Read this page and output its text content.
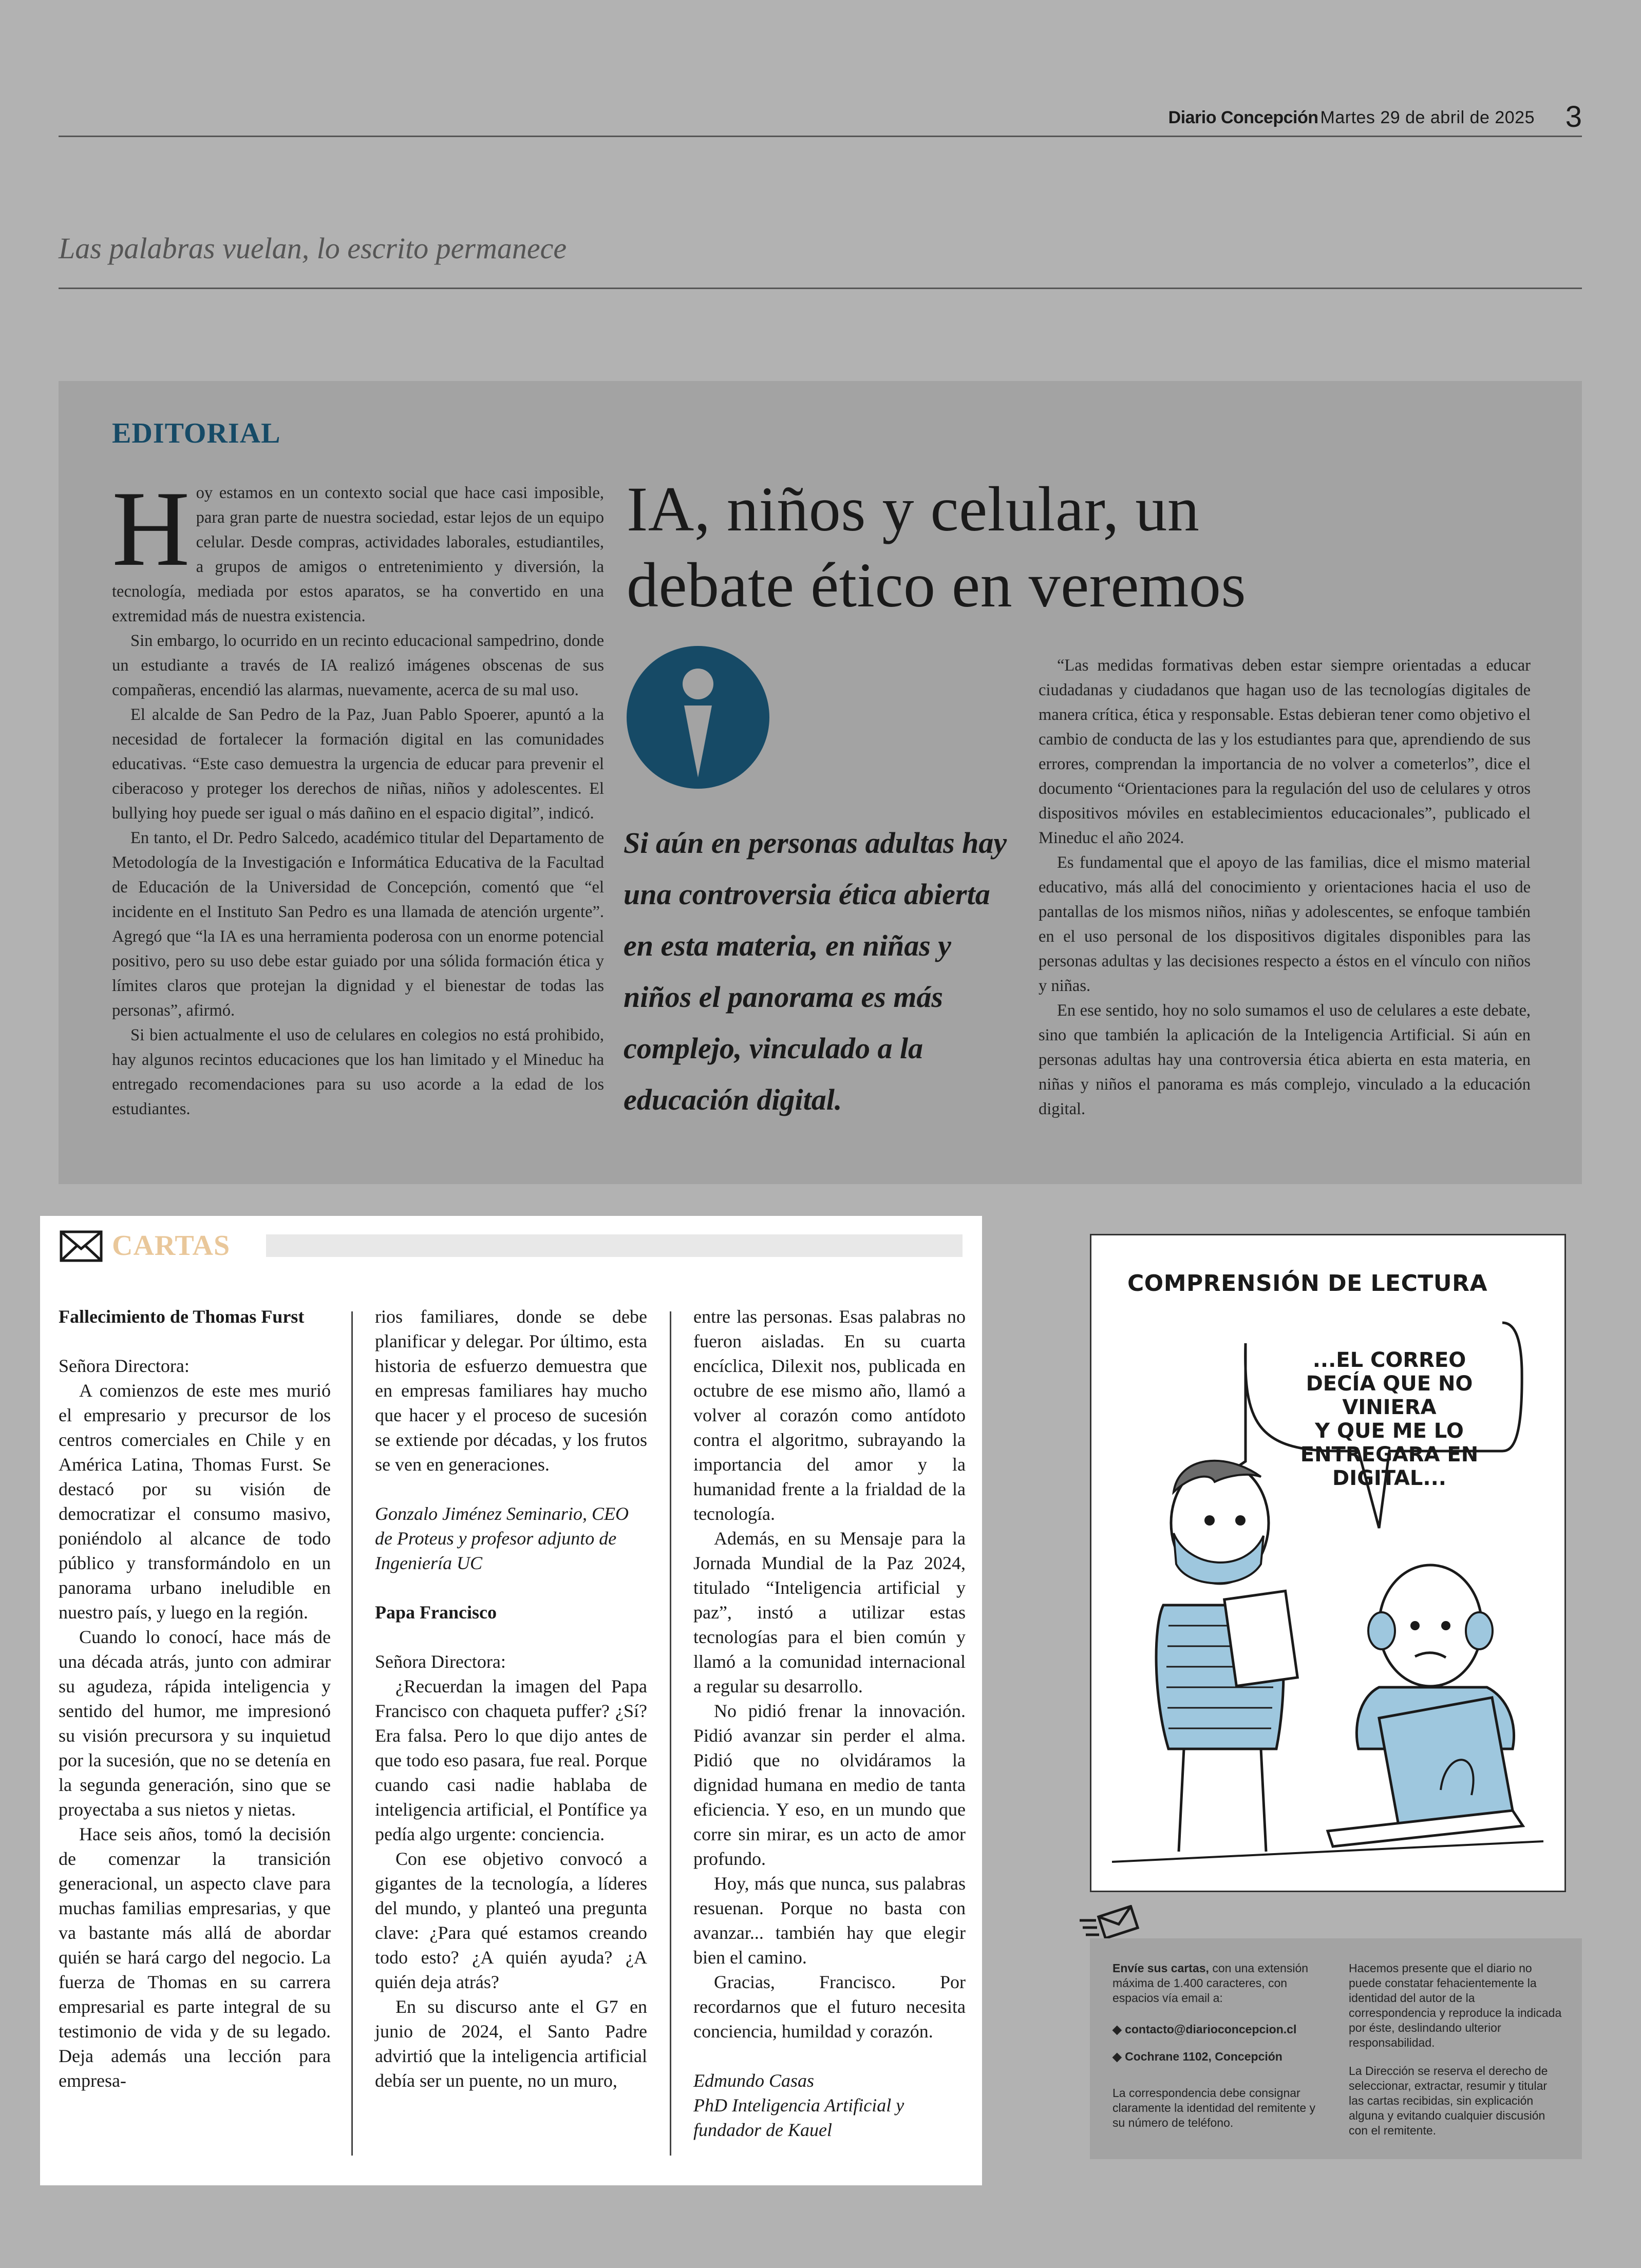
Diario Concepción Martes 29 de abril de 2025 3
Las palabras vuelan, lo escrito permanece
EDITORIAL

Hoy estamos en un contexto social que hace casi imposible, para gran parte de nuestra sociedad, estar lejos de un equipo celular. Desde compras, actividades laborales, estudiantiles, a grupos de amigos o entretenimiento y diversión, la tecnología, mediada por estos aparatos, se ha convertido en una extremidad más de nuestra existencia.

Sin embargo, lo ocurrido en un recinto educacional sampedrino, donde un estudiante a través de IA realizó imágenes obscenas de sus compañeras, encendió las alarmas, nuevamente, acerca de su mal uso.

El alcalde de San Pedro de la Paz, Juan Pablo Spoerer, apuntó a la necesidad de fortalecer la formación digital en las comunidades educativas. “Este caso demuestra la urgencia de educar para prevenir el ciberacoso y proteger los derechos de niñas, niños y adolescentes. El bullying hoy puede ser igual o más dañino en el espacio digital”, indicó.

En tanto, el Dr. Pedro Salcedo, académico titular del Departamento de Metodología de la Investigación e Informática Educativa de la Facultad de Educación de la Universidad de Concepción, comentó que “el incidente en el Instituto San Pedro es una llamada de atención urgente”. Agregó que “la IA es una herramienta poderosa con un enorme potencial positivo, pero su uso debe estar guiado por una sólida formación ética y límites claros que protejan la dignidad y el bienestar de todas las personas”, afirmó.

Si bien actualmente el uso de celulares en colegios no está prohibido, hay algunos recintos educaciones que los han limitado y el Mineduc ha entregado recomendaciones para su uso acorde a la edad de los estudiantes.

IA, niños y celular, un
debate ético en veremos
Si aún en personas adultas hay una controversia ética abierta en esta materia, en niñas y niños el panorama es más complejo, vinculado a la educación digital.

“Las medidas formativas deben estar siempre orientadas a educar ciudadanas y ciudadanos que hagan uso de las tecnologías digitales de manera crítica, ética y responsable. Estas debieran tener como objetivo el cambio de conducta de las y los estudiantes para que, aprendiendo de sus errores, comprendan la importancia de no volver a cometerlos”, dice el documento “Orientaciones para la regulación del uso de celulares y otros dispositivos móviles en establecimientos educacionales”, publicado el Mineduc el año 2024.

Es fundamental que el apoyo de las familias, dice el mismo material educativo, más allá del conocimiento y orientaciones hacia el uso de pantallas de los mismos niños, niñas y adolescentes, se enfoque también en el uso personal de los dispositivos digitales disponibles para las personas adultas y las decisiones respecto a éstos en el vínculo con niños y niñas.

En ese sentido, hoy no solo sumamos el uso de celulares a este debate, sino que también la aplicación de la Inteligencia Artificial. Si aún en personas adultas hay una controversia ética abierta en esta materia, en niñas y niños el panorama es más complejo, vinculado a la educación digital.

CARTAS
Fallecimiento de Thomas Furst
Señora Directora:
A comienzos de este mes murió el empresario y precursor de los centros comerciales en Chile y en América Latina, Thomas Furst. Se destacó por su visión de democratizar el consumo masivo, poniéndolo al alcance de todo público y transformándolo en un panorama urbano ineludible en nuestro país, y luego en la región.
Cuando lo conocí, hace más de una década atrás, junto con admirar su agudeza, rápida inteligencia y sentido del humor, me impresionó su visión precursora y su inquietud por la sucesión, que no se detenía en la segunda generación, sino que se proyectaba a sus nietos y nietas.
Hace seis años, tomó la decisión de comenzar la transición generacional, un aspecto clave para muchas familias empresarias, y que va bastante más allá de abordar quién se hará cargo del negocio. La fuerza de Thomas en su carrera empresarial es parte integral de su testimonio de vida y de su legado. Deja además una lección para empresa-
rios familiares, donde se debe planificar y delegar. Por último, esta historia de esfuerzo demuestra que en empresas familiares hay mucho que hacer y el proceso de sucesión se extiende por décadas, y los frutos se ven en generaciones.
Gonzalo Jiménez Seminario, CEO de Proteus y profesor adjunto de Ingeniería UC
Papa Francisco
Señora Directora:
¿Recuerdan la imagen del Papa Francisco con chaqueta puffer? ¿Sí? Era falsa. Pero lo que dijo antes de que todo eso pasara, fue real. Porque cuando casi nadie hablaba de inteligencia artificial, el Pontífice ya pedía algo urgente: conciencia.
Con ese objetivo convocó a gigantes de la tecnología, a líderes del mundo, y planteó una pregunta clave: ¿Para qué estamos creando todo esto? ¿A quién ayuda? ¿A quién deja atrás?
En su discurso ante el G7 en junio de 2024, el Santo Padre advirtió que la inteligencia artificial debía ser un puente, no un muro,
entre las personas. Esas palabras no fueron aisladas. En su cuarta encíclica, Dilexit nos, publicada en octubre de ese mismo año, llamó a volver al corazón como antídoto contra el algoritmo, subrayando la importancia del amor y la humanidad frente a la frialdad de la tecnología.
Además, en su Mensaje para la Jornada Mundial de la Paz 2024, titulado “Inteligencia artificial y paz”, instó a utilizar estas tecnologías para el bien común y llamó a la comunidad internacional a regular su desarrollo.
No pidió frenar la innovación. Pidió avanzar sin perder el alma. Pidió que no olvidáramos la dignidad humana en medio de tanta eficiencia. Y eso, en un mundo que corre sin mirar, es un acto de amor profundo.
Hoy, más que nunca, sus palabras resuenan. Porque no basta con avanzar... también hay que elegir bien el camino.
Gracias, Francisco. Por recordarnos que el futuro necesita conciencia, humildad y corazón.
Edmundo Casas
PhD Inteligencia Artificial y fundador de Kauel
COMPRENSIÓN DE LECTURA
...EL CORREO
DECÍA QUE NO VINIERA
Y QUE ME LO
ENTREGARA EN
DIGITAL...
Envíe sus cartas, con una extensión máxima de 1.400 caracteres, con espacios vía email a:
◆ contacto@diarioconcepcion.cl
◆ Cochrane 1102, Concepción
La correspondencia debe consignar claramente la identidad del remitente y su número de teléfono.
Hacemos presente que el diario no puede constatar fehacientemente la identidad del autor de la correspondencia y reproduce la indicada por éste, deslindando ulterior responsabilidad.
La Dirección se reserva el derecho de seleccionar, extractar, resumir y titular las cartas recibidas, sin explicación alguna y evitando cualquier discusión con el remitente.
